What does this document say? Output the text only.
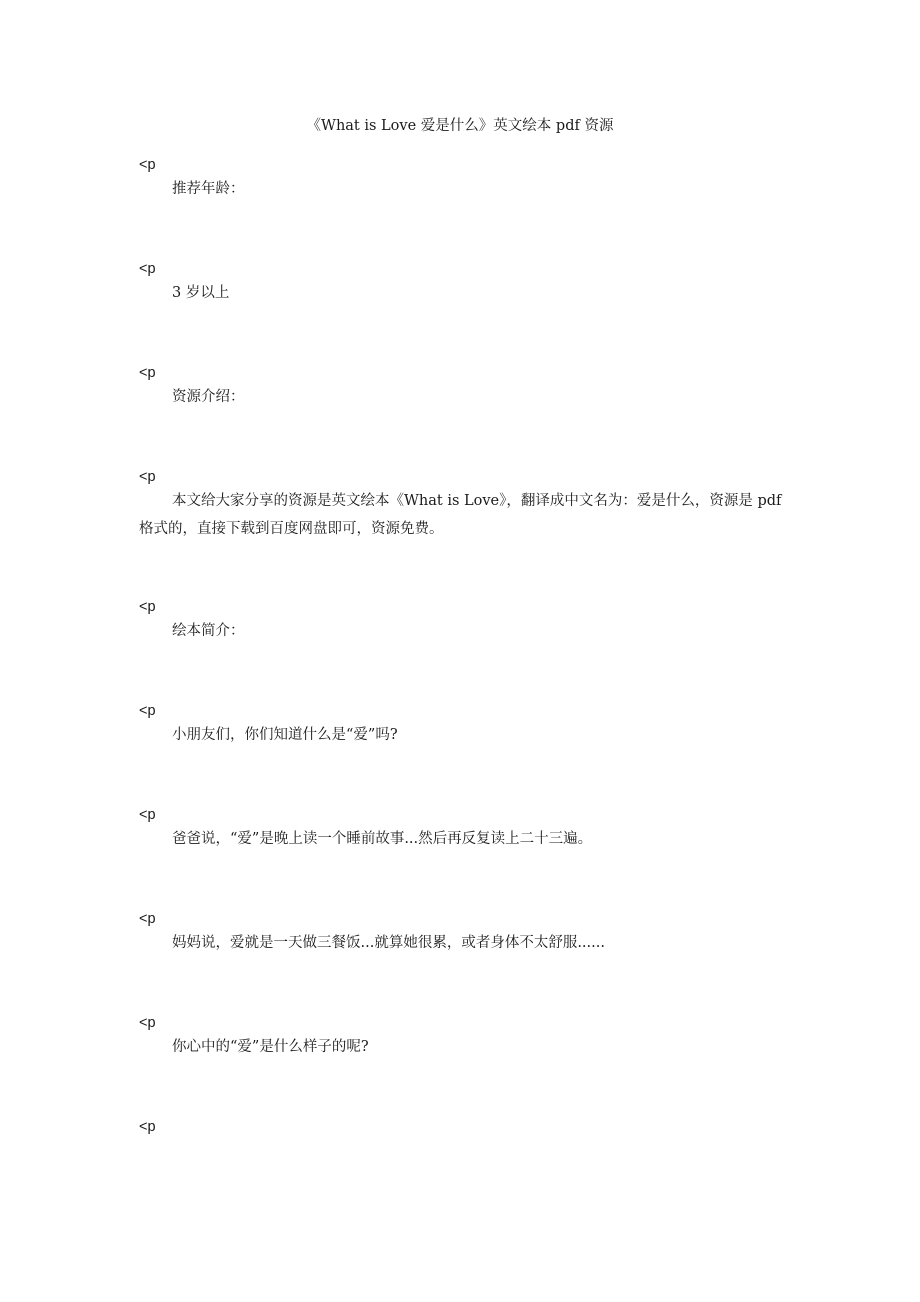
《What is Love 爱是什么》英文绘本 pdf 资源
<p

推荐年龄：

<p

3 岁以上

<p

资源介绍：

<p

本文给大家分享的资源是英文绘本《What is Love》，翻译成中文名为：爱是什么，资源是 pdf 格式的，直接下载到百度网盘即可，资源免费。

<p

绘本简介：

<p

小朋友们，你们知道什么是“爱”吗?

<p

爸爸说，“爱”是晚上读一个睡前故事...然后再反复读上二十三遍。

<p

妈妈说，爱就是一天做三餐饭...就算她很累，或者身体不太舒服......

<p

你心中的“爱”是什么样子的呢?

<p
